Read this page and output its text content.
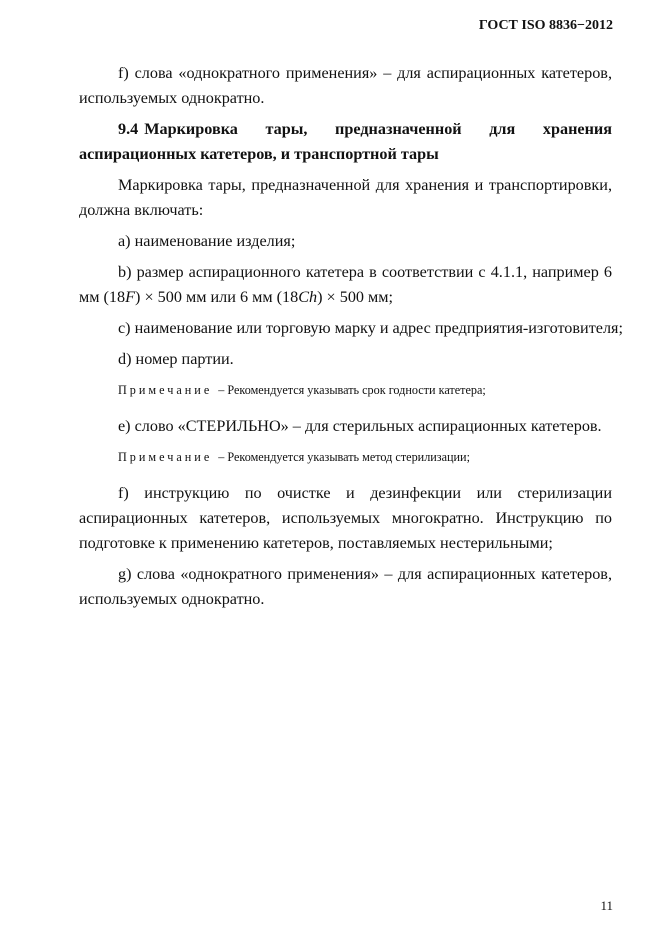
ГОСТ ISO 8836−2012

f) слова «однократного применения» – для аспирационных катетеров, используемых однократно.

9.4 Маркировка тары, предназначенной для хранения аспирационных катетеров, и транспортной тары

Маркировка тары, предназначенной для хранения и транспортировки, должна включать:

a) наименование изделия;

b) размер аспирационного катетера в соответствии с 4.1.1, например 6 мм (18F) × 500 мм или 6 мм (18Ch) × 500 мм;

c) наименование или торговую марку и адрес предприятия-изготовителя;

d) номер партии.

Примечание – Рекомендуется указывать срок годности катетера;

e) слово «СТЕРИЛЬНО» – для стерильных аспирационных катетеров.

Примечание – Рекомендуется указывать метод стерилизации;

f) инструкцию по очистке и дезинфекции или стерилизации аспирационных катетеров, используемых многократно. Инструкцию по подготовке к применению катетеров, поставляемых нестерильными;

g) слова «однократного применения» – для аспирационных катетеров, используемых однократно.

11
